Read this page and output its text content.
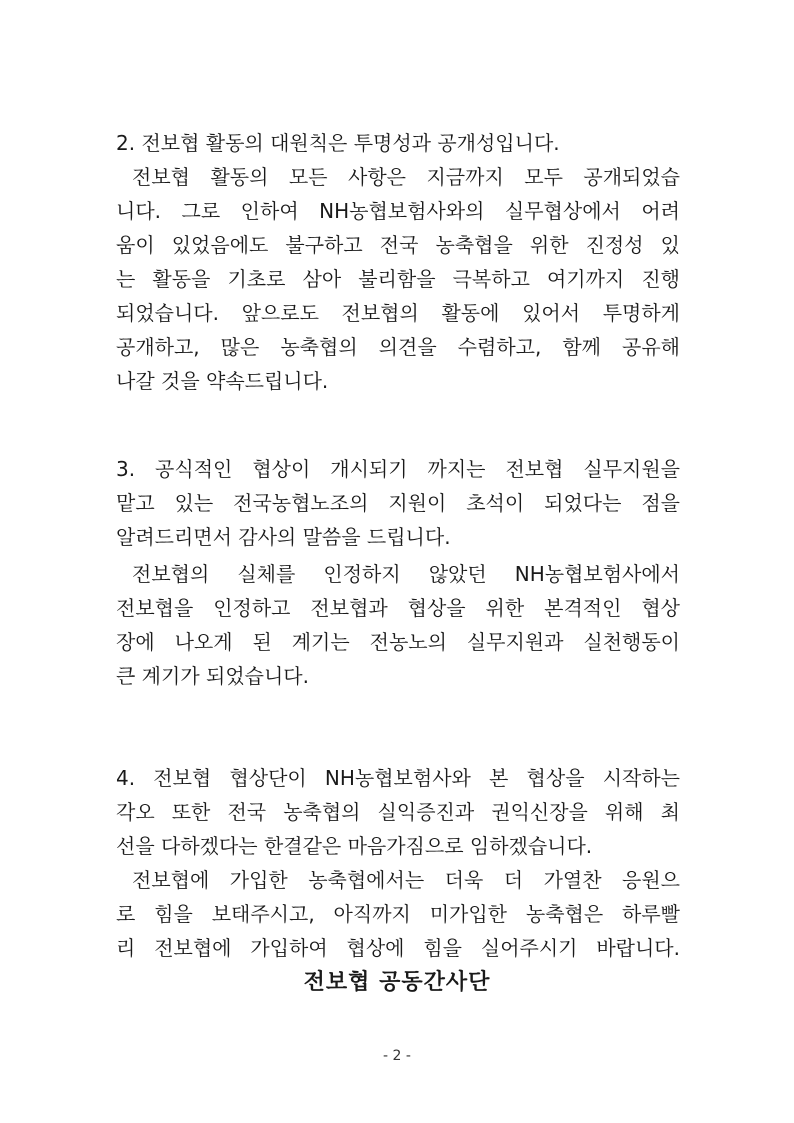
2. 전보협 활동의 대원칙은 투명성과 공개성입니다.
전보협 활동의 모든 사항은 지금까지 모두 공개되었습
니다. 그로 인하여 NH농협보험사와의 실무협상에서 어려
움이 있었음에도 불구하고 전국 농축협을 위한 진정성 있
는 활동을 기초로 삼아 불리함을 극복하고 여기까지 진행
되었습니다. 앞으로도 전보협의 활동에 있어서 투명하게
공개하고, 많은 농축협의 의견을 수렴하고, 함께 공유해
나갈 것을 약속드립니다.
3. 공식적인 협상이 개시되기 까지는 전보협 실무지원을
맡고 있는 전국농협노조의 지원이 초석이 되었다는 점을
알려드리면서 감사의 말씀을 드립니다.
전보협의 실체를 인정하지 않았던 NH농협보험사에서
전보협을 인정하고 전보협과 협상을 위한 본격적인 협상
장에 나오게 된 계기는 전농노의 실무지원과 실천행동이
큰 계기가 되었습니다.
4. 전보협 협상단이 NH농협보험사와 본 협상을 시작하는
각오 또한 전국 농축협의 실익증진과 권익신장을 위해 최
선을 다하겠다는 한결같은 마음가짐으로 임하겠습니다.
전보협에 가입한 농축협에서는 더욱 더 가열찬 응원으
로 힘을 보태주시고, 아직까지 미가입한 농축협은 하루빨
리 전보협에 가입하여 협상에 힘을 실어주시기 바랍니다.
전보협 공동간사단
- 2 -
